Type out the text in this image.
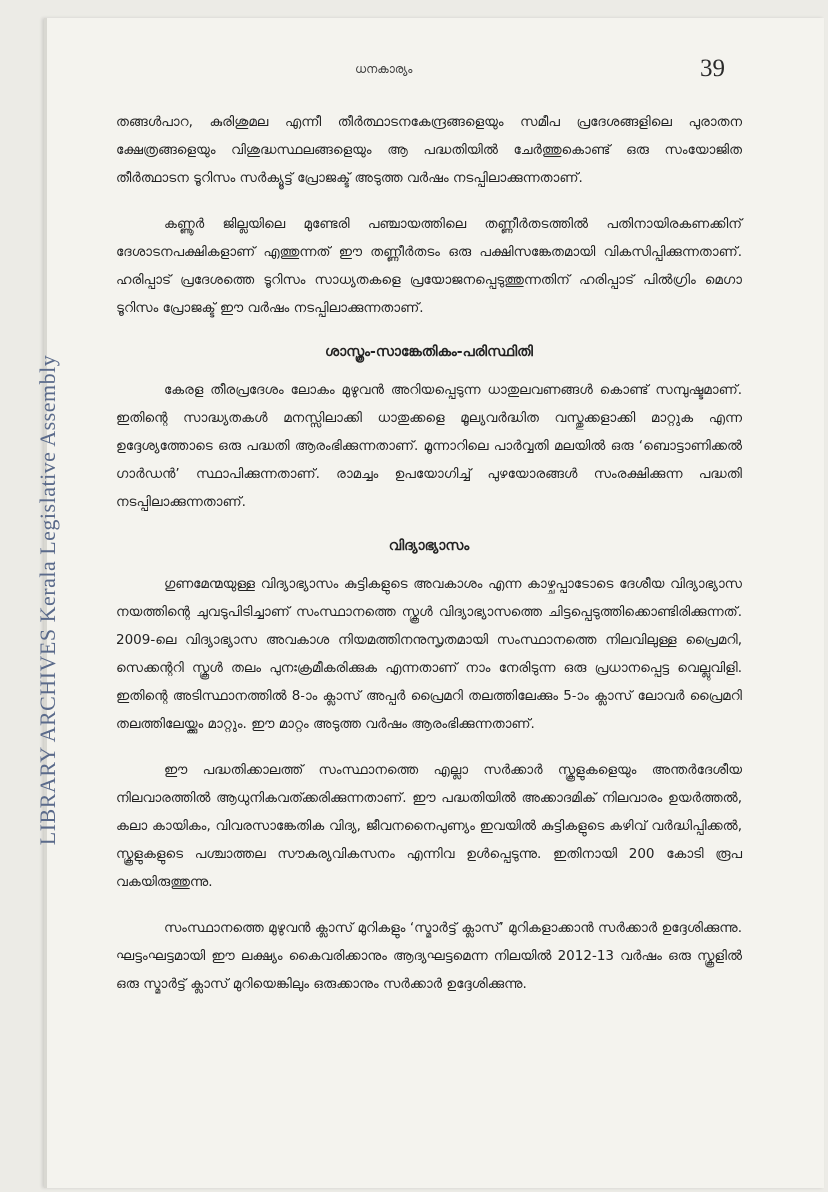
LIBRARY ARCHIVES Kerala Legislative Assembly
ധനകാര്യം	39

തങ്ങൾപാറ, കുരിശുമല എന്നീ തീർത്ഥാടനകേന്ദ്രങ്ങളെയും സമീപ പ്രദേശങ്ങളിലെ പുരാതന ക്ഷേത്രങ്ങളെയും വിശുദ്ധസ്ഥലങ്ങളെയും ആ പദ്ധതിയിൽ ചേർത്തുകൊണ്ട് ഒരു സംയോജിത തീർത്ഥാടന ടൂറിസം സർക്യൂട്ട് പ്രോജക്ട് അടുത്ത വർഷം നടപ്പിലാക്കുന്നതാണ്.

കണ്ണൂർ ജില്ലയിലെ മുണ്ടേരി പഞ്ചായത്തിലെ തണ്ണീർതടത്തിൽ പതിനായിരകണക്കിന് ദേശാടനപക്ഷികളാണ് എത്തുന്നത് ഈ തണ്ണീർതടം ഒരു പക്ഷിസങ്കേതമായി വികസിപ്പിക്കുന്നതാണ്. ഹരിപ്പാട് പ്രദേശത്തെ ടൂറിസം സാധ്യതകളെ പ്രയോജനപ്പെടുത്തുന്നതിന് ഹരിപ്പാട് പിൽഗ്രിം മെഗാ ടൂറിസം പ്രോജക്ട് ഈ വർഷം നടപ്പിലാക്കുന്നതാണ്.

ശാസ്ത്രം-സാങ്കേതികം-പരിസ്ഥിതി

കേരള തീരപ്രദേശം ലോകം മുഴുവൻ അറിയപ്പെടുന്ന ധാതുലവണങ്ങൾ കൊണ്ട് സമ്പുഷ്ടമാണ്. ഇതിന്റെ സാദ്ധ്യതകൾ മനസ്സിലാക്കി ധാതുക്കളെ മൂല്യവർദ്ധിത വസ്തുക്കളാക്കി മാറ്റുക എന്ന ഉദ്ദേശ്യത്തോടെ ഒരു പദ്ധതി ആരംഭിക്കുന്നതാണ്. മൂന്നാറിലെ പാർവ്വതി മലയിൽ ഒരു ‘ബൊട്ടാണിക്കൽ ഗാർഡൻ’ സ്ഥാപിക്കുന്നതാണ്. രാമച്ചം ഉപയോഗിച്ച് പുഴയോരങ്ങൾ സംരക്ഷിക്കുന്ന പദ്ധതി നടപ്പിലാക്കുന്നതാണ്.

വിദ്യാഭ്യാസം

ഗുണമേന്മയുള്ള വിദ്യാഭ്യാസം കുട്ടികളുടെ അവകാശം എന്ന കാഴ്ചപ്പാടോടെ ദേശീയ വിദ്യാഭ്യാസ നയത്തിന്റെ ചുവടുപിടിച്ചാണ് സംസ്ഥാനത്തെ സ്കൂൾ വിദ്യാഭ്യാസത്തെ ചിട്ടപ്പെടുത്തിക്കൊണ്ടിരിക്കുന്നത്. 2009-ലെ വിദ്യാഭ്യാസ അവകാശ നിയമത്തിനനുസൃതമായി സംസ്ഥാനത്തെ നിലവിലുള്ള പ്രൈമറി, സെക്കന്ററി സ്കൂൾ തലം പുനഃക്രമീകരിക്കുക എന്നതാണ് നാം നേരിടുന്ന ഒരു പ്രധാനപ്പെട്ട വെല്ലുവിളി. ഇതിന്റെ അടിസ്ഥാനത്തിൽ 8-ാം ക്ലാസ് അപ്പർ പ്രൈമറി തലത്തിലേക്കും 5-ാം ക്ലാസ് ലോവർ പ്രൈമറി തലത്തിലേയ്ക്കും മാറ്റും. ഈ മാറ്റം അടുത്ത വർഷം ആരംഭിക്കുന്നതാണ്.

ഈ പദ്ധതിക്കാലത്ത് സംസ്ഥാനത്തെ എല്ലാ സർക്കാർ സ്കൂളുകളെയും അന്തർദേശീയ നിലവാരത്തിൽ ആധുനികവത്ക്കരിക്കുന്നതാണ്. ഈ പദ്ധതിയിൽ അക്കാദമിക് നിലവാരം ഉയർത്തൽ, കലാ കായികം, വിവരസാങ്കേതിക വിദ്യ, ജീവനനൈപുണ്യം ഇവയിൽ കുട്ടികളുടെ കഴിവ് വർദ്ധിപ്പിക്കൽ, സ്കൂളുകളുടെ പശ്ചാത്തല സൗകര്യവികസനം എന്നിവ ഉൾപ്പെടുന്നു. ഇതിനായി 200 കോടി രൂപ വകയിരുത്തുന്നു.

സംസ്ഥാനത്തെ മുഴുവൻ ക്ലാസ് മുറികളും ‘സ്മാർട്ട് ക്ലാസ്’ മുറികളാക്കാൻ സർക്കാർ ഉദ്ദേശിക്കുന്നു. ഘട്ടംഘട്ടമായി ഈ ലക്ഷ്യം കൈവരിക്കാനും ആദ്യഘട്ടമെന്ന നിലയിൽ 2012-13 വർഷം ഒരു സ്കൂളിൽ ഒരു സ്മാർട്ട് ക്ലാസ് മുറിയെങ്കിലും ഒരുക്കാനും സർക്കാർ ഉദ്ദേശിക്കുന്നു.
